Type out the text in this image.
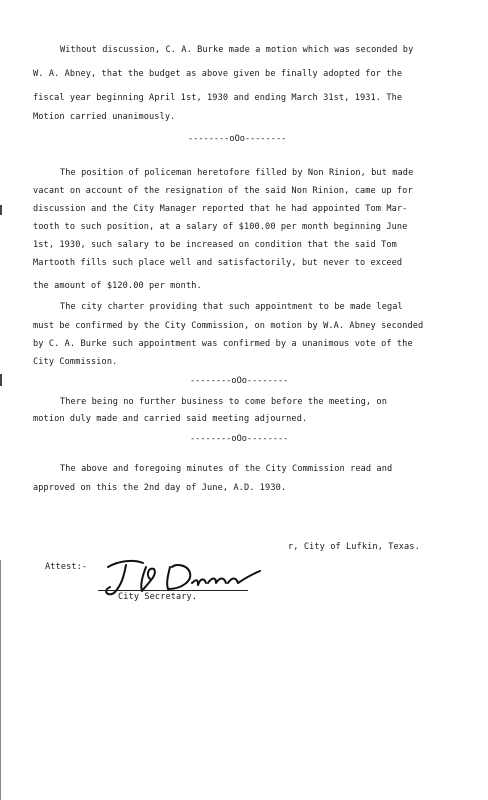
Without discussion, C. A. Burke made a motion which was seconded by
W. A. Abney, that the budget as above given be finally adopted for the
fiscal year beginning April 1st, 1930 and ending March 31st, 1931. The
Motion carried unanimously.
--------oOo--------
The position of policeman heretofore filled by Non Rinion, but made
vacant on account of the resignation of the said Non Rinion, came up for
discussion and the City Manager reported that he had appointed Tom Mar-
tooth to such position, at a salary of $100.00 per month beginning June
1st, 1930, such salary to be increased on condition that the said Tom
Martooth fills such place well and satisfactorily, but never to exceed
the amount of $120.00 per month.
The city charter providing that such appointment to be made legal
must be confirmed by the City Commission, on motion by W.A. Abney seconded
by C. A. Burke such appointment was confirmed by a unanimous vote of the
City Commission.
--------oOo--------
There being no further business to come before the meeting, on
motion duly made and carried said meeting adjourned.
--------oOo--------
The above and foregoing minutes of the City Commission read and
approved on this the 2nd day of June, A.D. 1930.
r, City of Lufkin, Texas.
Attest:-
City Secretary.
